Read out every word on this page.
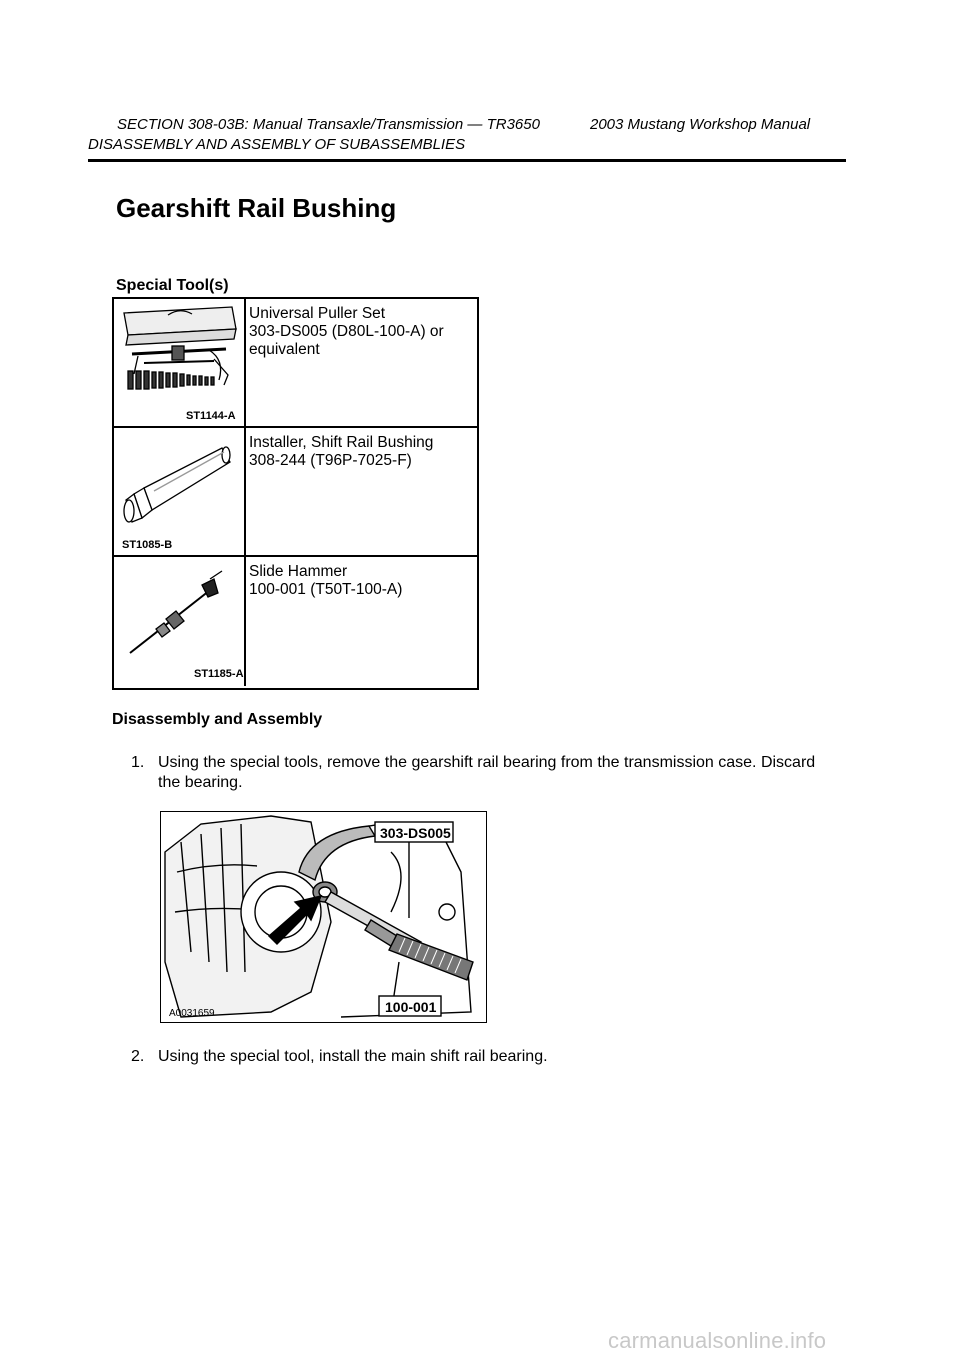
SECTION 308-03B: Manual Transaxle/Transmission — TR3650	2003 Mustang Workshop Manual
DISASSEMBLY AND ASSEMBLY OF SUBASSEMBLIES
Gearshift Rail Bushing
Special Tool(s)
ST1144-A
Universal Puller Set
303-DS005 (D80L-100-A) or
equivalent
ST1085-B
Installer, Shift Rail Bushing
308-244 (T96P-7025-F)
ST1185-A
Slide Hammer
100-001 (T50T-100-A)
Disassembly and Assembly
1. Using the special tools, remove the gearshift rail bearing from the transmission case. Discard the bearing.
303-DS005
100-001
A0031659
2. Using the special tool, install the main shift rail bearing.
carmanualsonline.info
